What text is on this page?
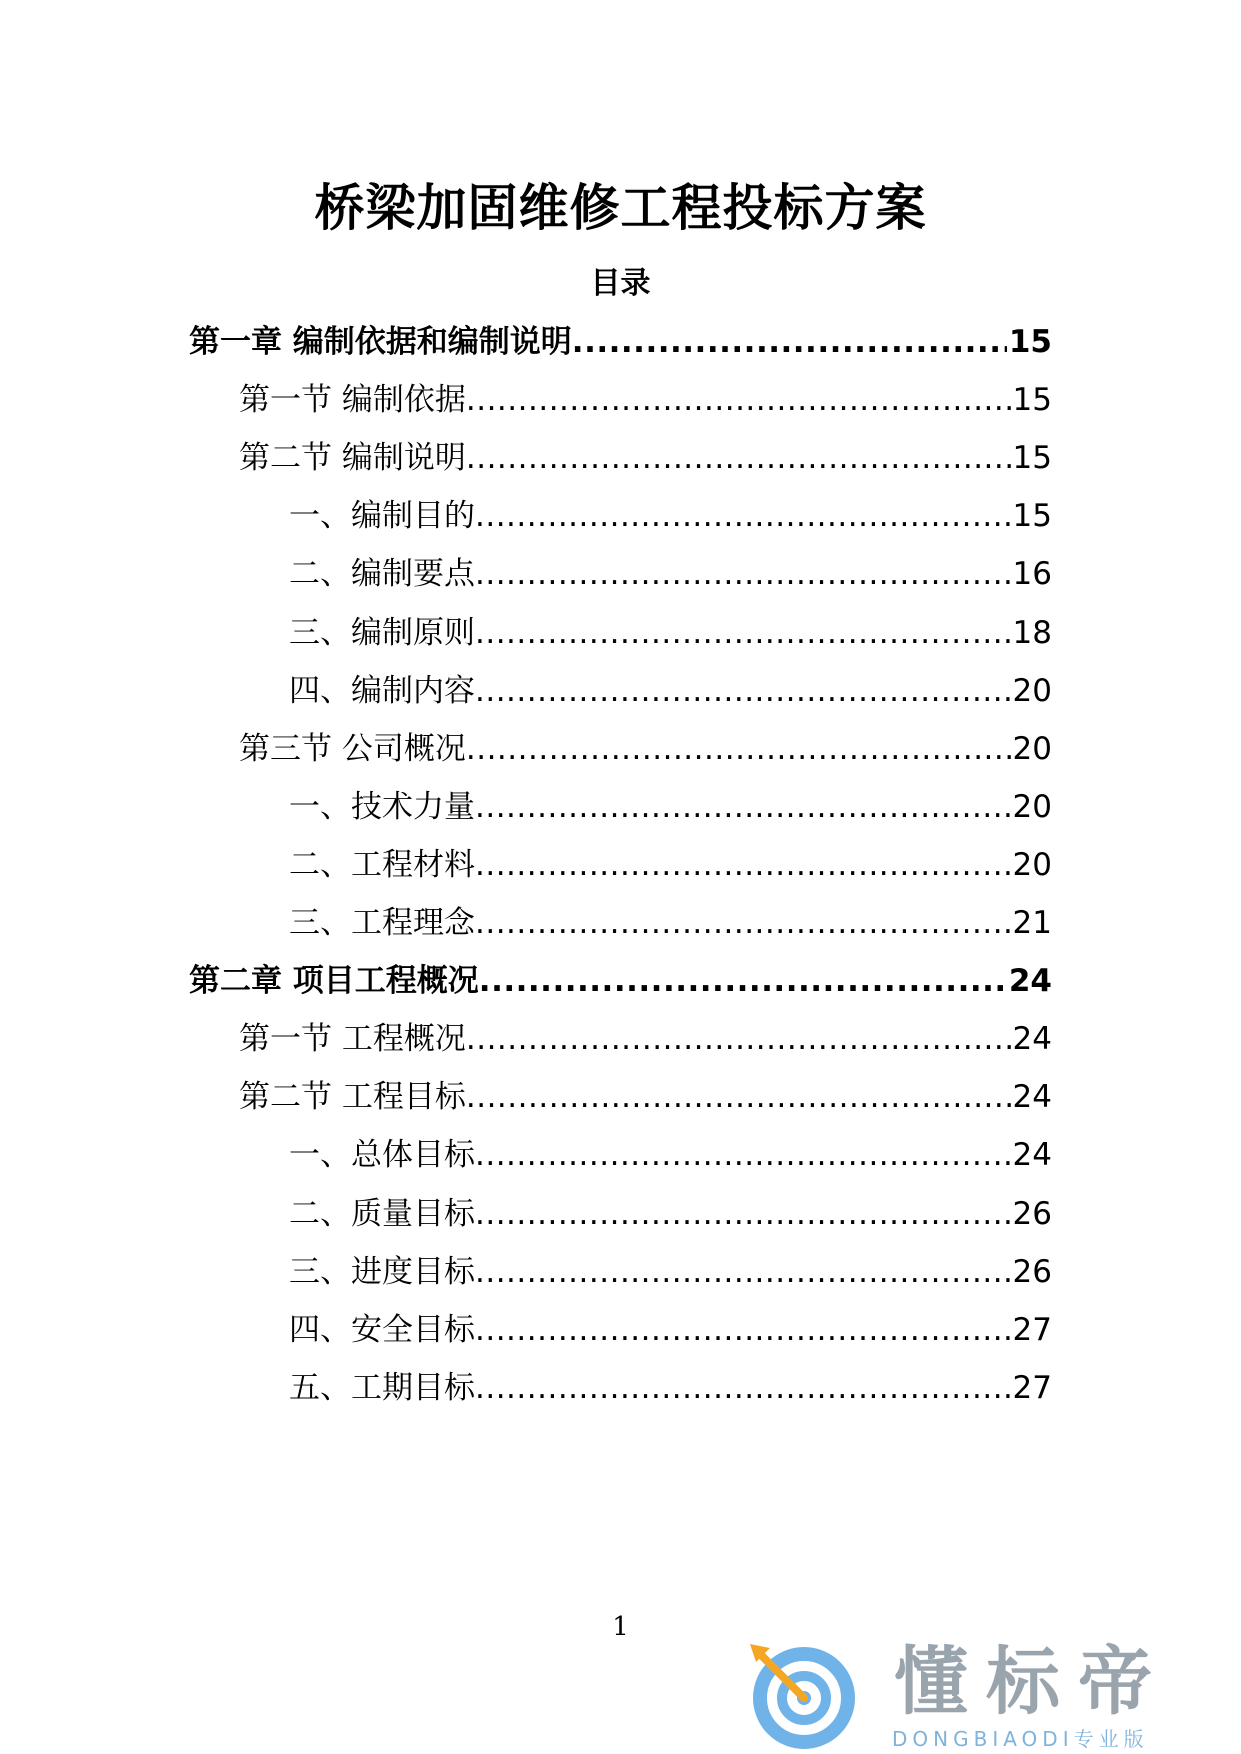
桥梁加固维修工程投标方案
目录
第一章 编制依据和编制说明 .....	15
第一节 编制依据 .....	15
第二节 编制说明 .....	15
一、编制目的 .....	15
二、编制要点 .....	16
三、编制原则 .....	18
四、编制内容 .....	20
第三节 公司概况 .....	20
一、技术力量 .....	20
二、工程材料 .....	20
三、工程理念 .....	21
第二章 项目工程概况 .....	24
第一节 工程概况 .....	24
第二节 工程目标 .....	24
一、总体目标 .....	24
二、质量目标 .....	26
三、进度目标 .....	26
四、安全目标 .....	27
五、工期目标 .....	27
1
懂标帝
DONGBIAODI专业版
